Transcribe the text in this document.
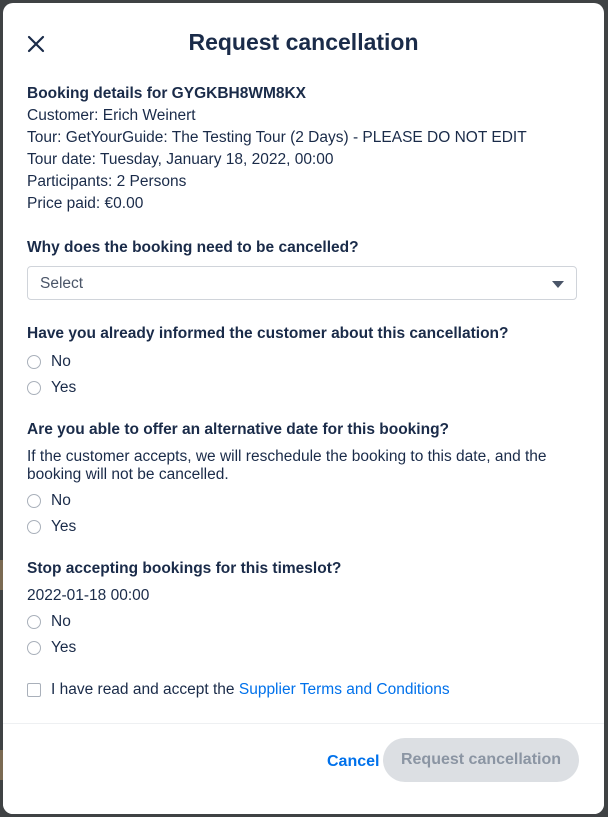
Request cancellation
Booking details for GYGKBH8WM8KX
Customer: Erich Weinert
Tour: GetYourGuide: The Testing Tour (2 Days) - PLEASE DO NOT EDIT
Tour date: Tuesday, January 18, 2022, 00:00
Participants: 2 Persons
Price paid: €0.00
Why does the booking need to be cancelled?
Select
Have you already informed the customer about this cancellation?
No
Yes
Are you able to offer an alternative date for this booking?
If the customer accepts, we will reschedule the booking to this date, and the booking will not be cancelled.
No
Yes
Stop accepting bookings for this timeslot?
2022-01-18 00:00
No
Yes
I have read and accept the Supplier Terms and Conditions
Cancel	Request cancellation
